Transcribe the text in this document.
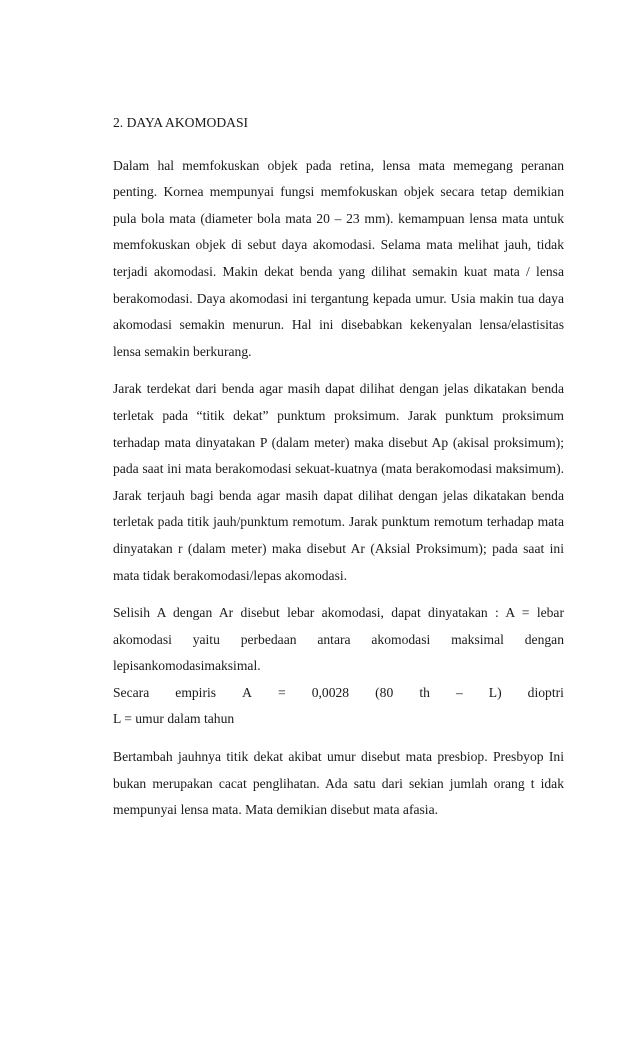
2. DAYA AKOMODASI

Dalam hal memfokuskan objek pada retina, lensa mata memegang peranan penting. Kornea mempunyai fungsi memfokuskan objek secara tetap demikian pula bola mata (diameter bola mata 20 – 23 mm). kemampuan lensa mata untuk memfokuskan objek di sebut daya akomodasi. Selama mata melihat jauh, tidak terjadi akomodasi. Makin dekat benda yang dilihat semakin kuat mata / lensa berakomodasi. Daya akomodasi ini tergantung kepada umur. Usia makin tua daya akomodasi semakin menurun. Hal ini disebabkan kekenyalan lensa/elastisitas lensa semakin berkurang.

Jarak terdekat dari benda agar masih dapat dilihat dengan jelas dikatakan benda terletak pada “titik dekat” punktum proksimum. Jarak punktum proksimum terhadap mata dinyatakan P (dalam meter) maka disebut Ap (akisal proksimum); pada saat ini mata berakomodasi sekuat-kuatnya (mata berakomodasi maksimum). Jarak terjauh bagi benda agar masih dapat dilihat dengan jelas dikatakan benda terletak pada titik jauh/punktum remotum. Jarak punktum remotum terhadap mata dinyatakan r (dalam meter) maka disebut Ar (Aksial Proksimum); pada saat ini mata tidak berakomodasi/lepas akomodasi.

Selisih A dengan Ar disebut lebar akomodasi, dapat dinyatakan : A = lebar akomodasi yaitu perbedaan antara akomodasi maksimal dengan lepisankomodasimaksimal.

Secara empiris A = 0,0028 (80 th – L) dioptri

L = umur dalam tahun

Bertambah jauhnya titik dekat akibat umur disebut mata presbiop. Presbyop Ini bukan merupakan cacat penglihatan. Ada satu dari sekian jumlah orang t idak mempunyai lensa mata. Mata demikian disebut mata afasia.
